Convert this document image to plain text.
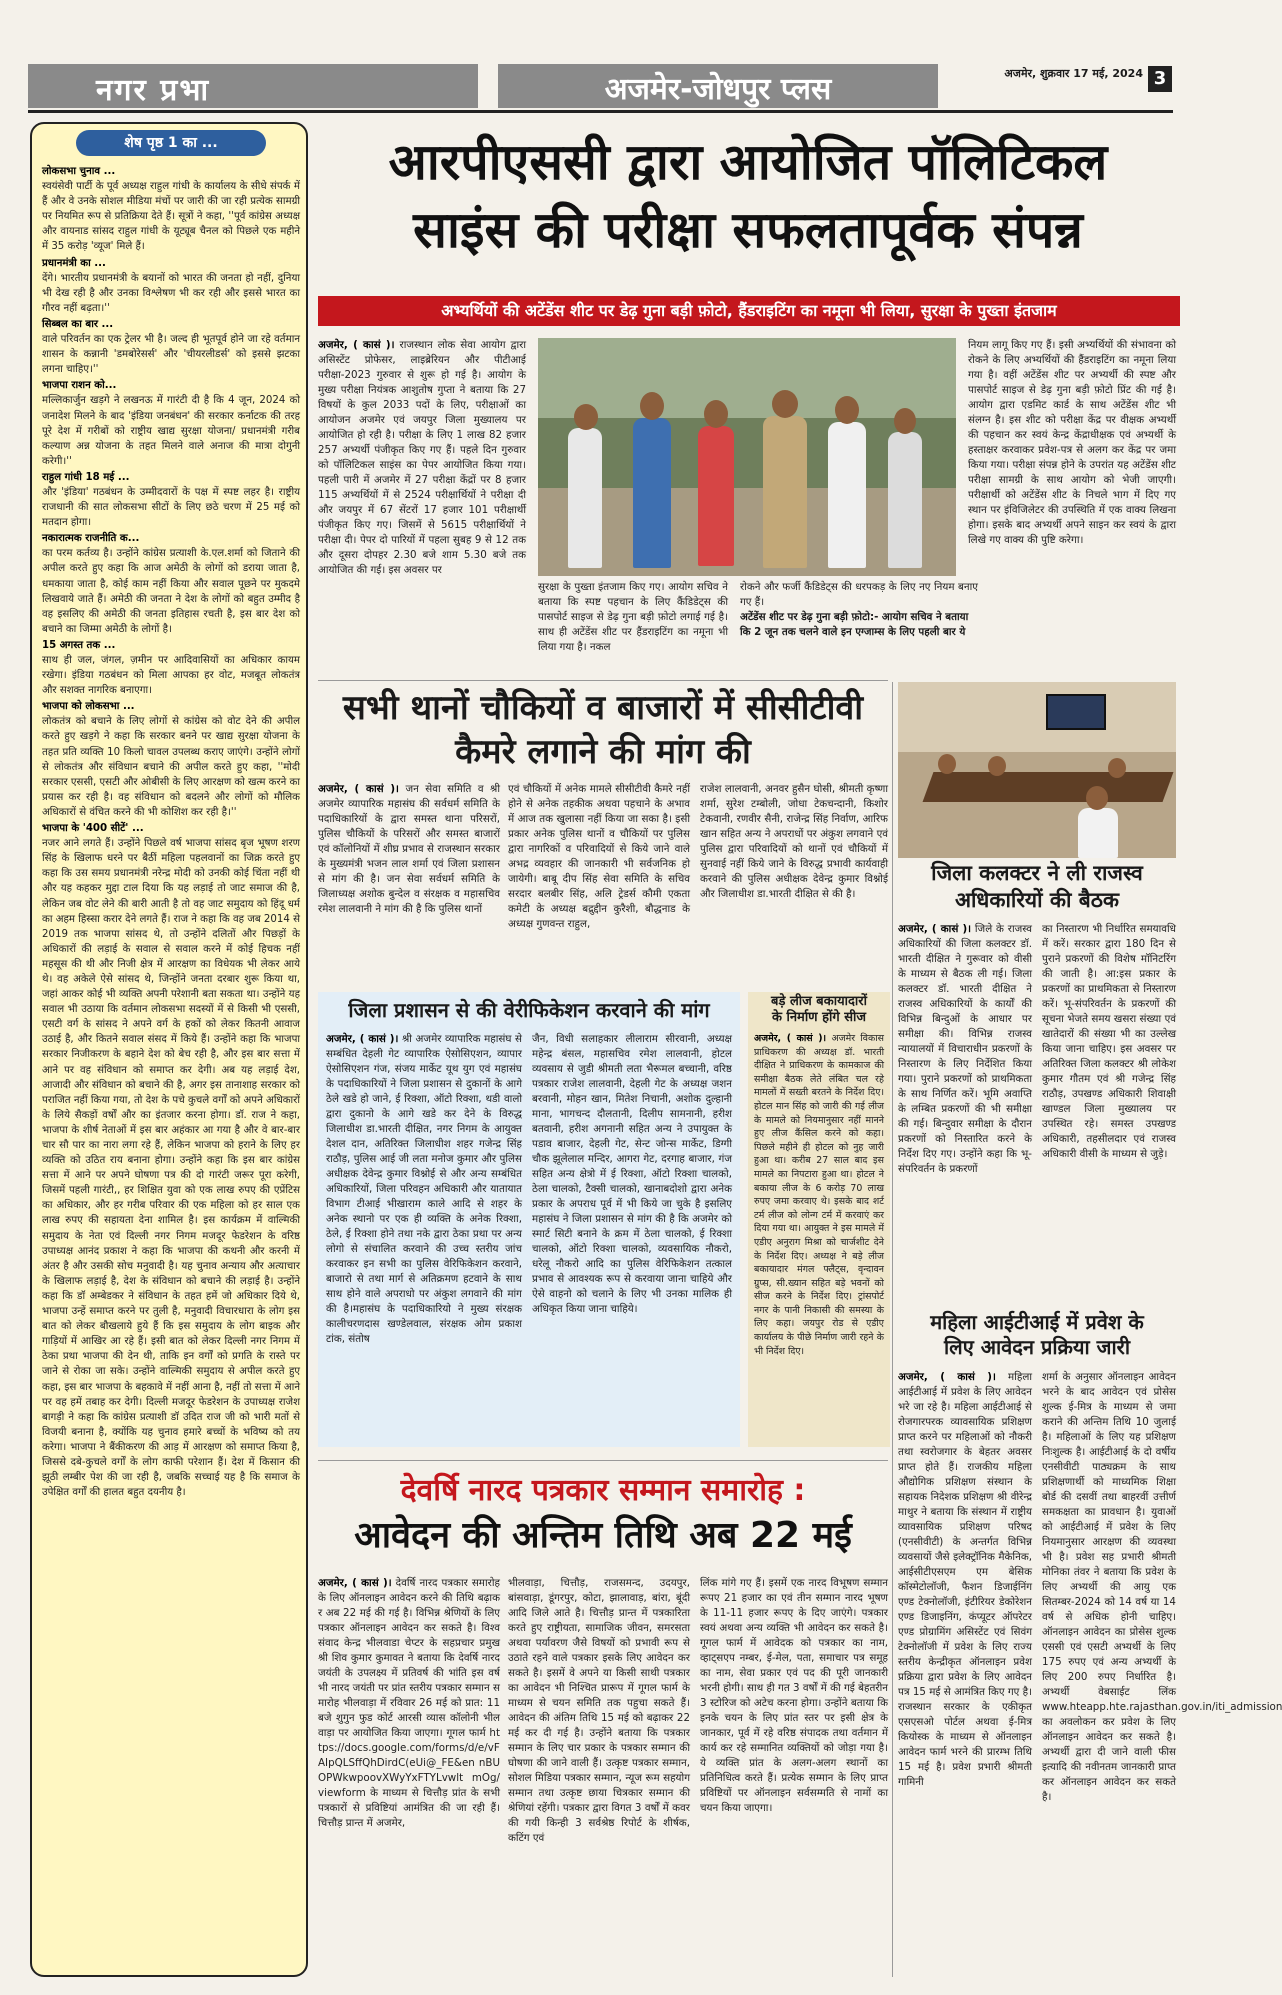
नगर प्रभा	अजमेर-जोधपुर प्लस	अजमेर, शुक्रवार 17 मई, 2024 3
शेष पृष्ठ 1 का ...

लोकसभा चुनाव ...
स्वयंसेवी पार्टी के पूर्व अध्यक्ष राहुल गांधी के कार्यालय के सीधे संपर्क में हैं और वे उनके सोशल मीडिया मंचों पर जारी की जा रही प्रत्येक सामग्री पर नियमित रूप से प्रतिक्रिया देते हैं। सूत्रों ने कहा, ''पूर्व कांग्रेस अध्यक्ष और वायनाड सांसद राहुल गांधी के यूट्यूब चैनल को पिछले एक महीने में 35 करोड़ 'व्यूज' मिले हैं।

प्रधानमंत्री का ...
देंगे। भारतीय प्रधानमंत्री के बयानों को भारत की जनता हो नहीं, दुनिया भी देख रही है और उनका विश्लेषण भी कर रही और इससे भारत का गौरव नहीं बढ़ता।''

सिब्बल का बार ...
वाले परिवर्तन का एक ट्रेलर भी है। जल्द ही भूतपूर्व होने जा रहे वर्तमान शासन के कन्नानी 'डमबोरेसर्स' और 'चीयरलीडर्स' को इससे झटका लगना चाहिए।''

भाजपा राशन को...
मल्लिकार्जुन खड़गे ने लखनऊ में गारंटी दी है कि 4 जून, 2024 को जनादेश मिलने के बाद 'इंडिया जनबंधन' की सरकार कर्नाटक की तरह पूरे देश में गरीबों को राष्ट्रीय खाद्य सुरक्षा योजना/ प्रधानमंत्री गरीब कल्याण अन्न योजना के तहत मिलने वाले अनाज की मात्रा दोगुनी करेगी।''

राहुल गांधी 18 मई ...
और 'इंडिया' गठबंधन के उम्मीदवारों के पक्ष में स्पष्ट लहर है। राष्ट्रीय राजधानी की सात लोकसभा सीटों के लिए छठे चरण में 25 मई को मतदान होगा।

नकारात्मक राजनीति क...
का परम कर्तव्य है। उन्होंने कांग्रेस प्रत्याशी के.एल.शर्मा को जिताने की अपील करते हुए कहा कि आज अमेठी के लोगों को डराया जाता है, धमकाया जाता है, कोई काम नहीं किया और सवाल पूछने पर मुकदमे लिखवाये जाते हैं। अमेठी की जनता ने देश के लोगों को बहुत उम्मीद है वह इसलिए की अमेठी की जनता इतिहास रचती है, इस बार देश को बचाने का जिम्मा अमेठी के लोगों है।

15 अगस्त तक ...
साथ ही जल, जंगल, ज़मीन पर आदिवासियों का अधिकार कायम रखेगा। इंडिया गठबंधन को मिला आपका हर वोट, मजबूत लोकतंत्र और सशक्त नागरिक बनाएगा।

भाजपा को लोकसभा ...
लोकतंत्र को बचाने के लिए लोगों से कांग्रेस को वोट देने की अपील करते हुए खड़गे ने कहा कि सरकार बनने पर खाद्य सुरक्षा योजना के तहत प्रति व्यक्ति 10 किलो चावल उपलब्ध कराए जाएंगे। उन्होंने लोगों से लोकतंत्र और संविधान बचाने की अपील करते हुए कहा, ''मोदी सरकार एससी, एसटी और ओबीसी के लिए आरक्षण को खत्म करने का प्रयास कर रही है। वह संविधान को बदलने और लोगों को मौलिक अधिकारों से वंचित करने की भी कोशिश कर रही है।''

भाजपा के '400 सीटें' ...
नजर आने लगते हैं। उन्होंने पिछले वर्ष भाजपा सांसद बृज भूषण शरण सिंह के खिलाफ धरने पर बैठीं महिला पहलवानों का जिक्र करते हुए कहा कि उस समय प्रधानमंत्री नरेन्द्र मोदी को उनकी कोई चिंता नहीं थी और यह कहकर मुद्दा टाल दिया कि यह लड़ाई तो जाट समाज की है, लेकिन जब वोट लेने की बारी आती है तो वह जाट समुदाय को हिंदू धर्म का अहम हिस्सा करार देने लगते हैं। राज ने कहा कि वह जब 2014 से 2019 तक भाजपा सांसद थे, तो उन्होंने दलितों और पिछड़ों के अधिकारों की लड़ाई के सवाल से सवाल करने में कोई हिचक नहीं महसूस की थी और निजी क्षेत्र में आरक्षण का विधेयक भी लेकर आये थे। वह अकेले ऐसे सांसद थे, जिन्होंने जनता दरबार शुरू किया था, जहां आकर कोई भी व्यक्ति अपनी परेशानी बता सकता था। उन्होंने यह सवाल भी उठाया कि वर्तमान लोकसभा सदस्यों में से किसी भी एससी, एसटी वर्ग के सांसद ने अपने वर्ग के हकों को लेकर कितनी आवाज उठाई है, और कितने सवाल संसद में किये हैं। उन्होंने कहा कि भाजपा सरकार निजीकरण के बहाने देश को बेच रही है, और इस बार सत्ता में आने पर वह संविधान को समाप्त कर देगी। अब यह लड़ाई देश, आजादी और संविधान को बचाने की है, अगर इस तानाशाह सरकार को पराजित नहीं किया गया, तो देश के पचे कुचले वर्गों को अपने अधिकारों के लिये सैकड़ों वर्षों और का इंतजार करना होगा। डॉ. राज ने कहा, भाजपा के शीर्ष नेताओं में इस बार अहंकार आ गया है और वे बार-बार चार सौ पार का नारा लगा रहे हैं, लेकिन भाजपा को हराने के लिए हर व्यक्ति को उठित राय बनाना होगा। उन्होंने कहा कि इस बार कांग्रेस सत्ता में आने पर अपने घोषणा पत्र की दो गारंटी जरूर पूरा करेगी, जिसमें पहली गारंटी,, हर शिक्षित युवा को एक लाख रुपए की एप्रेंटिस का अधिकार, और हर गरीब परिवार की एक महिला को हर साल एक लाख रुपए की सहायता देना शामिल है। इस कार्यक्रम में वाल्मिकी समुदाय के नेता एवं दिल्ली नगर निगम मजदूर फेडरेशन के वरिष्ठ उपाध्यक्ष आनंद प्रकाश ने कहा कि भाजपा की कथनी और करनी में अंतर है और उसकी सोच मनुवादी है। यह चुनाव अन्याय और अत्याचार के खिलाफ लड़ाई है, देश के संविधान को बचाने की लड़ाई है। उन्होंने कहा कि डॉ अम्बेडकर ने संविधान के तहत हमें जो अधिकार दिये थे, भाजपा उन्हें समाप्त करने पर तुली है, मनुवादी विचारधारा के लोग इस बात को लेकर बौखलाये हुये हैं कि इस समुदाय के लोग बाइक और गाड़ियों में आखिर आ रहे हैं। इसी बात को लेकर दिल्ली नगर निगम में ठेका प्रथा भाजपा की देन थी, ताकि इन वर्गों को प्रगति के रास्ते पर जाने से रोका जा सके। उन्होंने वाल्मिकी समुदाय से अपील करते हुए कहा, इस बार भाजपा के बहकावे में नहीं आना है, नहीं तो सत्ता में आने पर वह हमें तबाह कर देगी। दिल्ली मजदूर फेडरेशन के उपाध्यक्ष राजेश बागड़ी ने कहा कि कांग्रेस प्रत्याशी डॉ उदित राज जी को भारी मतों से विजयी बनाना है, क्योंकि यह चुनाव हमारे बच्चों के भविष्य को तय करेगा। भाजपा ने बैंकीकरण की आड़ में आरक्षण को समाप्त किया है, जिससे दबे-कुचले वर्गों के लोग काफी परेशान हैं। देश में किसान की झूठी लम्बीर पेश की जा रही है, जबकि सच्चाई यह है कि समाज के उपेक्षित वर्गों की हालत बहुत दयनीय है।

आरपीएससी द्वारा आयोजित पॉलिटिकल
साइंस की परीक्षा सफलतापूर्वक संपन्न
अभ्यर्थियों की अटेंडेंस शीट पर डेढ़ गुना बड़ी फ़ोटो, हैंडराइटिंग का नमूना भी लिया, सुरक्षा के पुख्ता इंतजाम
अजमेर, ( कासं )। राजस्थान लोक सेवा आयोग द्वारा असिस्टेंट प्रोफेसर, लाइब्रेरियन और पीटीआई परीक्षा-2023 गुरुवार से शुरू हो गई है। आयोग के मुख्य परीक्षा नियंत्रक आशुतोष गुप्ता ने बताया कि 27 विषयों के कुल 2033 पदों के लिए, परीक्षाओं का आयोजन अजमेर एवं जयपुर जिला मुख्यालय पर आयोजित हो रही है। परीक्षा के लिए 1 लाख 82 हजार 257 अभ्यर्थी पंजीकृत किए गए हैं। पहले दिन गुरुवार को पॉलिटिकल साइंस का पेपर आयोजित किया गया। पहली पारी में अजमेर में 27 परीक्षा केंद्रों पर 8 हजार 115 अभ्यर्थियों में से 2524 परीक्षार्थियों ने परीक्षा दी और जयपुर में 67 सेंटरों 17 हजार 101 परीक्षार्थी पंजीकृत किए गए। जिसमें से 5615 परीक्षार्थियों ने परीक्षा दी। पेपर दो पारियों में पहला सुबह 9 से 12 तक और दूसरा दोपहर 2.30 बजे शाम 5.30 बजे तक आयोजित की गई। इस अवसर पर
सुरक्षा के पुख्ता इंतजाम किए गए। आयोग सचिव ने बताया कि स्पष्ट पहचान के लिए कैंडिडेट्स की पासपोर्ट साइज से डेढ़ गुना बड़ी फ़ोटो लगाई गई है। साथ ही अटेंडेंस शीट पर हैंडराइटिंग का नमूना भी लिया गया है। नकल
रोकने और फर्जी कैंडिडेट्स की धरपकड़ के लिए नए नियम बनाए गए हैं।
अटेंडेंस शीट पर डेढ़ गुना बड़ी फ़ोटो:- आयोग सचिव ने बताया कि 2 जून तक चलने वाले इन एग्जाम्स के लिए पहली बार ये
नियम लागू किए गए हैं। इसी अभ्यर्थियों की संभावना को रोकने के लिए अभ्यर्थियों की हैंडराइटिंग का नमूना लिया गया है। वहीं अटेंडेंस शीट पर अभ्यर्थी की स्पष्ट और पासपोर्ट साइज से डेढ़ गुना बड़ी फ़ोटो प्रिंट की गई है। आयोग द्वारा एडमिट कार्ड के साथ अटेंडेंस शीट भी संलग्न है। इस शीट को परीक्षा केंद्र पर वीक्षक अभ्यर्थी की पहचान कर स्वयं केन्द्र केंद्राधीक्षक एवं अभ्यर्थी के हस्ताक्षर करवाकर प्रवेश-पत्र से अलग कर केंद्र पर जमा किया गया। परीक्षा संपन्न होने के उपरांत यह अटेंडेंस शीट परीक्षा सामग्री के साथ आयोग को भेजी जाएगी। परीक्षार्थी को अटेंडेंस शीट के निचले भाग में दिए गए स्थान पर इंविजिलेटर की उपस्थिति में एक वाक्य लिखना होगा। इसके बाद अभ्यर्थी अपने साइन कर स्वयं के द्वारा लिखे गए वाक्य की पुष्टि करेगा।
सभी थानों चौकियों व बाजारों में सीसीटीवी
कैमरे लगाने की मांग की
अजमेर, ( कासं )। जन सेवा समिति व श्री अजमेर व्यापारिक महासंघ की सर्वधर्म समिति के पदाधिकारियों के द्वारा समस्त थाना परिसरों, पुलिस चौकियों के परिसरों और समस्त बाजारों एवं कॉलोनियों में शीघ्र प्रभाव से राजस्थान सरकार के मुख्यमंत्री भजन लाल शर्मा एवं जिला प्रशासन से मांग की है। जन सेवा सर्वधर्म समिति के जिलाध्यक्ष अशोक बुन्देल व संरक्षक व महासचिव रमेश लालवानी ने मांग की है कि पुलिस थानों
एवं चौकियों में अनेक मामले सीसीटीवी कैमरे नहीं होने से अनेक तहकीक अथवा पहचाने के अभाव में आज तक खुलासा नहीं किया जा सका है। इसी प्रकार अनेक पुलिस थानों व चौकियों पर पुलिस द्वारा नागरिकों व परिवादियों से किये जाने वाले अभद्र व्यवहार की जानकारी भी सर्वजनिक हो जायेगी। बाबू दीप सिंह सेवा समिति के सचिव सरदार बलबीर सिंह, अलि ट्रेडर्स कौमी एकता कमेटी के अध्यक्ष बद्रुद्दीन कुरैशी, बौद्धनाड के अध्यक्ष गुणवन्त राहुल,
राजेश लालवानी, अनवर हुसैन घोसी, श्रीमती कृष्णा शर्मा, सुरेश टम्बोली, जोधा टेकचन्दानी, किशोर टेकवानी, रणवीर सैनी, राजेन्द्र सिंह निर्वाण, आरिफ खान सहित अन्य ने अपराधों पर अंकुश लगवाने एवं पुलिस द्वारा परिवादियों को थानों एवं चौकियों में सुनवाई नहीं किये जाने के विरुद्ध प्रभावी कार्यवाही करवाने की पुलिस अधीक्षक देवेन्द्र कुमार विश्नोई और जिलाधीश डा.भारती दीक्षित से की है।
जिला कलक्टर ने ली राजस्व
अधिकारियों की बैठक
अजमेर, ( कासं )। जिले के राजस्व अधिकारियों की जिला कलक्टर डॉ. भारती दीक्षित ने गुरूवार को वीसी के माध्यम से बैठक ली गई। जिला कलक्टर डॉ. भारती दीक्षित ने राजस्व अधिकारियों के कार्यों की विभिन्न बिन्दुओं के आधार पर समीक्षा की। विभिन्न राजस्व न्यायालयों में विचाराधीन प्रकरणों के निस्तारण के लिए निर्देशित किया गया। पुराने प्रकरणों को प्राथमिकता के साथ निर्णित करें। भूमि अवाप्ति के लम्बित प्रकरणों की भी समीक्षा की गई। बिन्दुवार समीक्षा के दौरान प्रकरणों को निस्तारित करने के निर्देश दिए गए। उन्होंने कहा कि भू-संपरिवर्तन के प्रकरणों
का निस्तारण भी निर्धारित समयावधि में करें। सरकार द्वारा 180 दिन से पुराने प्रकरणों की विशेष मॉनिटरिंग की जाती है। आ:इस प्रकार के प्रकरणों का प्राथमिकता से निस्तारण करें। भू-संपरिवर्तन के प्रकरणों की सूचना भेजते समय खसरा संख्या एवं खातेदारों की संख्या भी का उल्लेख किया जाना चाहिए। इस अवसर पर अतिरिक्त जिला कलक्टर श्री लोकेश कुमार गौतम एवं श्री गजेन्द्र सिंह राठौड़, उपखण्ड अधिकारी शिवाक्षी खाण्डल जिला मुख्यालय पर उपस्थित रहे। समस्त उपखण्ड अधिकारी, तहसीलदार एवं राजस्व अधिकारी वीसी के माध्यम से जुड़े।
जिला प्रशासन से की वेरीफिकेशन करवाने की मांग
अजमेर, ( कासं )। श्री अजमेर व्यापारिक महासंघ से सम्बंधित देहली गेट व्यापारिक ऐसोसिएशन, व्यापार ऐसोसिएशन गंज, संजय मार्केट यूथ युग एवं महासंघ के पदाधिकारियों ने जिला प्रशासन से दुकानों के आगे ठेले खडे हो जाने, ई रिक्शा, ऑटो रिक्शा, थडी वालो द्वारा दुकानो के आगे खडे कर देने के विरुद्ध जिलाधीश डा.भारती दीक्षित, नगर निगम के आयुक्त देशल दान, अतिरिक्त जिलाधीश शहर गजेन्द्र सिंह राठौड़, पुलिस आई जी लता मनोज कुमार और पुलिस अधीक्षक देवेन्द्र कुमार विश्नोई से और अन्य सम्बंधित अधिकारियों, जिला परिवहन अधिकारी और यातायात विभाग टीआई भीखाराम काले आदि से शहर के अनेक स्थानो पर एक ही व्यक्ति के अनेक रिक्शा, ठेले, ई रिक्शा होने तथा नके द्वारा ठेका प्रथा पर अन्य लोगो से संचालित करवाने की उच्च स्तरीय जांच करवाकर इन सभी का पुलिस वेरिफिकेशन करवाने, बाजारो से तथा मार्ग से अतिक्रमण हटवाने के साथ साथ होने वाले अपराधो पर अंकुश लगवाने की मांग की है।महासंघ के पदाधिकारियो ने मुख्य संरक्षक कालीचरणदास खण्डेलवाल, संरक्षक ओम प्रकाश टांक, संतोष
जैन, विधी सलाहकार लीलाराम सीरवानी, अध्यक्ष महेन्द्र बंसल, महासचिव रमेश लालवानी, होटल व्यवसाय से जुडी श्रीमती लता भैरूमल बच्चानी, वरिष्ठ पत्रकार राजेश लालवानी, देहली गेट के अध्यक्ष जशन बरवानी, मोहन खान, मितेश निचानी, अशोक दुल्हानी माना, भागचन्द दौलतानी, दिलीप सामनानी, हरीश बतवानी, हरीश अगनानी सहित अन्य ने उपायुक्त के पडाव बाजार, देहली गेट, सेन्ट जोन्स मार्केट, डिग्गी चौक झूलेलाल मन्दिर, आगरा गेट, दरगाह बाजार, गंज सहित अन्य क्षेत्रो में ई रिक्शा, ऑटो रिक्शा चालको, ठेला चालको, टैक्सी चालको, खानाबदोशो द्वारा अनेक प्रकार के अपराध पूर्व में भी किये जा चुके है इसलिए महासंघ ने जिला प्रशासन से मांग की है कि अजमेर को स्मार्ट सिटी बनाने के क्रम में ठेला चालको, ई रिक्शा चालको, ऑटो रिक्शा चालको, व्यवसायिक नौकरो, धरेलू नौकरो आदि का पुलिस वेरिफिकेशन तत्काल प्रभाव से आवश्यक रूप से करवाया जाना चाहिये और ऐसे वाहनो को चलाने के लिए भी उनका मालिक ही अधिकृत किया जाना चाहिये।
बड़े लीज बकायादारों
के निर्माण होंगे सीज
अजमेर, ( कासं )। अजमेर विकास प्राधिकरण की अध्यक्ष डॉ. भारती दीक्षित ने प्राधिकरण के कामकाज की समीक्षा बैठक लेते लंबित चल रहे मामलों में सख्ती बरतने के निर्देश दिए। होटल मान सिंह को जारी की गई लीज के मामले को नियमानुसार नहीं मानने हुए लीज कैंसिल करने को कहा। पिछले महीने ही होटल को नुह जारी हुआ था। करीब 27 साल बाद इस मामले का निपटारा हुआ था। होटल ने बकाया लीज के 6 करोड़ 70 लाख रुपए जमा करवाए थे। इसके बाद शर्ट टर्म लीज को लोन्ग टर्म में करवाएं कर दिया गया था। आयुक्त ने इस मामले में एडीए अनुराग मिश्रा को चार्जशीट देने के निर्देश दिए। अध्यक्ष ने बड़े लीज बकायादार मंगल फ्लैट्स, वृन्दावन ग्रुप्स, सी.ख्यान सहित बड़े भवनों को सीज करने के निर्देश दिए। ट्रांसपोर्ट नगर के पानी निकासी की समस्या के लिए कहा। जयपुर रोड से एडीए कार्यालय के पीछे निर्माण जारी रहने के भी निर्देश दिए।
महिला आईटीआई में प्रवेश के
लिए आवेदन प्रक्रिया जारी
अजमेर, ( कासं )। महिला आईटीआई में प्रवेश के लिए आवेदन भरे जा रहे है। महिला आईटीआई से रोजगारपरक व्यावसायिक प्रशिक्षण प्राप्त करने पर महिलाओं को नौकरी तथा स्वरोजगार के बेहतर अवसर प्राप्त होते हैं। राजकीय महिला औद्योगिक प्रशिक्षण संस्थान के सहायक निदेशक प्रशिक्षण श्री वीरेन्द्र माथुर ने बताया कि संस्थान में राष्ट्रीय व्यावसायिक प्रशिक्षण परिषद (एनसीवीटी) के अन्तर्गत विभिन्न व्यवसायों जैसे इलेक्ट्रॉनिक मैकेनिक, आईसीटीएसएम एम बेसिक कॉस्मेटोलॉजी, फैशन डिजाईनिंग एण्ड टेक्नोलॉजी, इंटीरियर डेकोरेशन एण्ड डिजाइनिंग, कंप्यूटर ऑपरेटर एण्ड प्रोग्रामिंग असिस्टेंट एवं सिवंग टेक्नोलॉजी में प्रवेश के लिए राज्य स्तरीय केन्द्रीकृत ऑनलाइन प्रवेश प्रक्रिया द्वारा प्रवेश के लिए आवेदन पत्र 15 मई से आमंत्रित किए गए है। राजस्थान सरकार के एकीकृत एसएसओ पोर्टल अथवा ई-मित्र कियोस्क के माध्यम से ऑनलाइन आवेदन फार्म भरने की प्रारम्भ तिथि 15 मई है। प्रवेश प्रभारी श्रीमती गामिनी
शर्मा के अनुसार ऑनलाइन आवेदन भरने के बाद आवेदन एवं प्रोसेस शुल्क ई-मित्र के माध्यम से जमा कराने की अन्तिम तिथि 10 जुलाई है। महिलाओं के लिए यह प्रशिक्षण निःशुल्क है। आईटीआई के दो वर्षीय एनसीवीटी पाठ्यक्रम के साथ प्रशिक्षणार्थी को माध्यमिक शिक्षा बोर्ड की दसवीं तथा बाहरवीं उत्तीर्ण समकक्षता का प्रावधान है। युवाओं को आईटीआई में प्रवेश के लिए नियमानुसार आरक्षण की व्यवस्था भी है। प्रवेश सह प्रभारी श्रीमती मोनिका तंवर ने बताया कि प्रवेश के लिए अभ्यर्थी की आयु एक सितम्बर-2024 को 14 वर्ष या 14 वर्ष से अधिक होनी चाहिए। ऑनलाइन आवेदन का प्रोसेस शुल्क एससी एवं एसटी अभ्यर्थी के लिए 175 रुपए एवं अन्य अभ्यर्थी के लिए 200 रुपए निर्धारित है। अभ्यर्थी वेबसाईट लिंक www.hteapp.hte.rajasthan.gov.in/iti_admission का अवलोकन कर प्रवेश के लिए ऑनलाइन आवेदन कर सकते है। अभ्यर्थी द्वारा दी जाने वाली फीस इत्यादि की नवीनतम जानकारी प्राप्त कर ऑनलाइन आवेदन कर सकते है।
देवर्षि नारद पत्रकार सम्मान समारोह :
आवेदन की अन्तिम तिथि अब 22 मई
अजमेर, ( कासं )। देवर्षि नारद पत्रकार समारोह के लिए ऑनलाइन आवेदन करने की तिथि बढ़ाकर अब 22 मई की गई है। विभिन्न श्रेणियों के लिए पत्रकार ऑनलाइन आवेदन कर सकते है। विश्व संवाद केन्द्र भीलवाडा चेप्टर के सहप्रचार प्रमुख श्री शिव कुमार कुमावत ने बताया कि देवर्षि नारद जयंती के उपलक्ष्य में प्रतिवर्ष की भांति इस वर्ष भी नारद जयंती पर प्रांत स्तरीय पत्रकार सम्मान समारोह भीलवाड़ा में रविवार 26 मई को प्रात: 11 बजे शुगुन फुड कोर्ट आरसी व्यास कॉलोनी भीलवाड़ा पर आयोजित किया जाएगा। गूगल फार्म https://docs.google.com/forms/d/e/vFAIpQLSffQhDirdC(eUi@_FE&en nBUOPWkwpoovXWyYxFTYLvwlt mOg/viewform के माध्यम से चित्तौड़ प्रांत के सभी पत्रकारों से प्रविष्टियां आमंत्रित की जा रही हैं। चित्तौड़ प्रान्त में अजमेर,
भीलवाड़ा, चित्तौड़, राजसमन्द, उदयपुर, बांसवाड़ा, डूंगरपुर, कोटा, झालावाड़, बांरा, बूंदी आदि जिले आते है। चित्तौड़ प्रान्त में पत्रकारिता करते हुए राष्ट्रीयता, सामाजिक जीवन, समरसता अथवा पर्यावरण जैसे विषयों को प्रभावी रूप से उठाते रहने वाले पत्रकार इसके लिए आवेदन कर सकते है। इसमें वे अपने या किसी साथी पत्रकार का आवेदन भी निश्चित प्रारूप में गूगल फार्म के माध्यम से चयन समिति तक पहुचा सकते हैं। आवेदन की अंतिम तिथि 15 मई को बढ़ाकर 22 मई कर दी गई है। उन्होंने बताया कि पत्रकार सम्मान के लिए चार प्रकार के पत्रकार सम्मान की घोषणा की जाने वाली हैं। उत्कृष्ट पत्रकार सम्मान, सोशल मिडिया पत्रकार सम्मान, न्यूज रूम सहयोग सम्मान तथा उत्कृष्ट छाया चित्रकार सम्मान की श्रेणियां रहेंगी। पत्रकार द्वारा विगत 3 वर्षों में कवर की गयी किन्ही 3 सर्वश्रेष्ठ रिपोर्ट के शीर्षक, कटिंग एवं
लिंक मांगे गए हैं। इसमें एक नारद विभूषण सम्मान रूपए 21 हजार का एवं तीन सम्मान नारद भूषण के 11-11 हजार रूपए के दिए जाएंगे। पत्रकार स्वयं अथवा अन्य व्यक्ति भी आवेदन कर सकते है। गूगल फार्म में आवेदक को पत्रकार का नाम, व्हाट्सएप नम्बर, ई-मेल, पता, समाचार पत्र समूह का नाम, सेवा प्रकार एवं पद की पूरी जानकारी भरनी होगी। साथ ही गत 3 वर्षों में की गई बेहतरीन 3 स्टोरिज को अटेच करना होगा। उन्होंने बताया कि इनके चयन के लिए प्रांत स्तर पर इसी क्षेत्र के जानकार, पूर्व में रहे वरिष्ठ संपादक तथा वर्तमान में कार्य कर रहे सम्मानित व्यक्तियों को जोड़ा गया है। ये व्यक्ति प्रांत के अलग-अलग स्थानों का प्रतिनिधित्व करते हैं। प्रत्येक सम्मान के लिए प्राप्त प्रविष्टियों पर ऑनलाइन सर्वसम्मति से नामों का चयन किया जाएगा।
